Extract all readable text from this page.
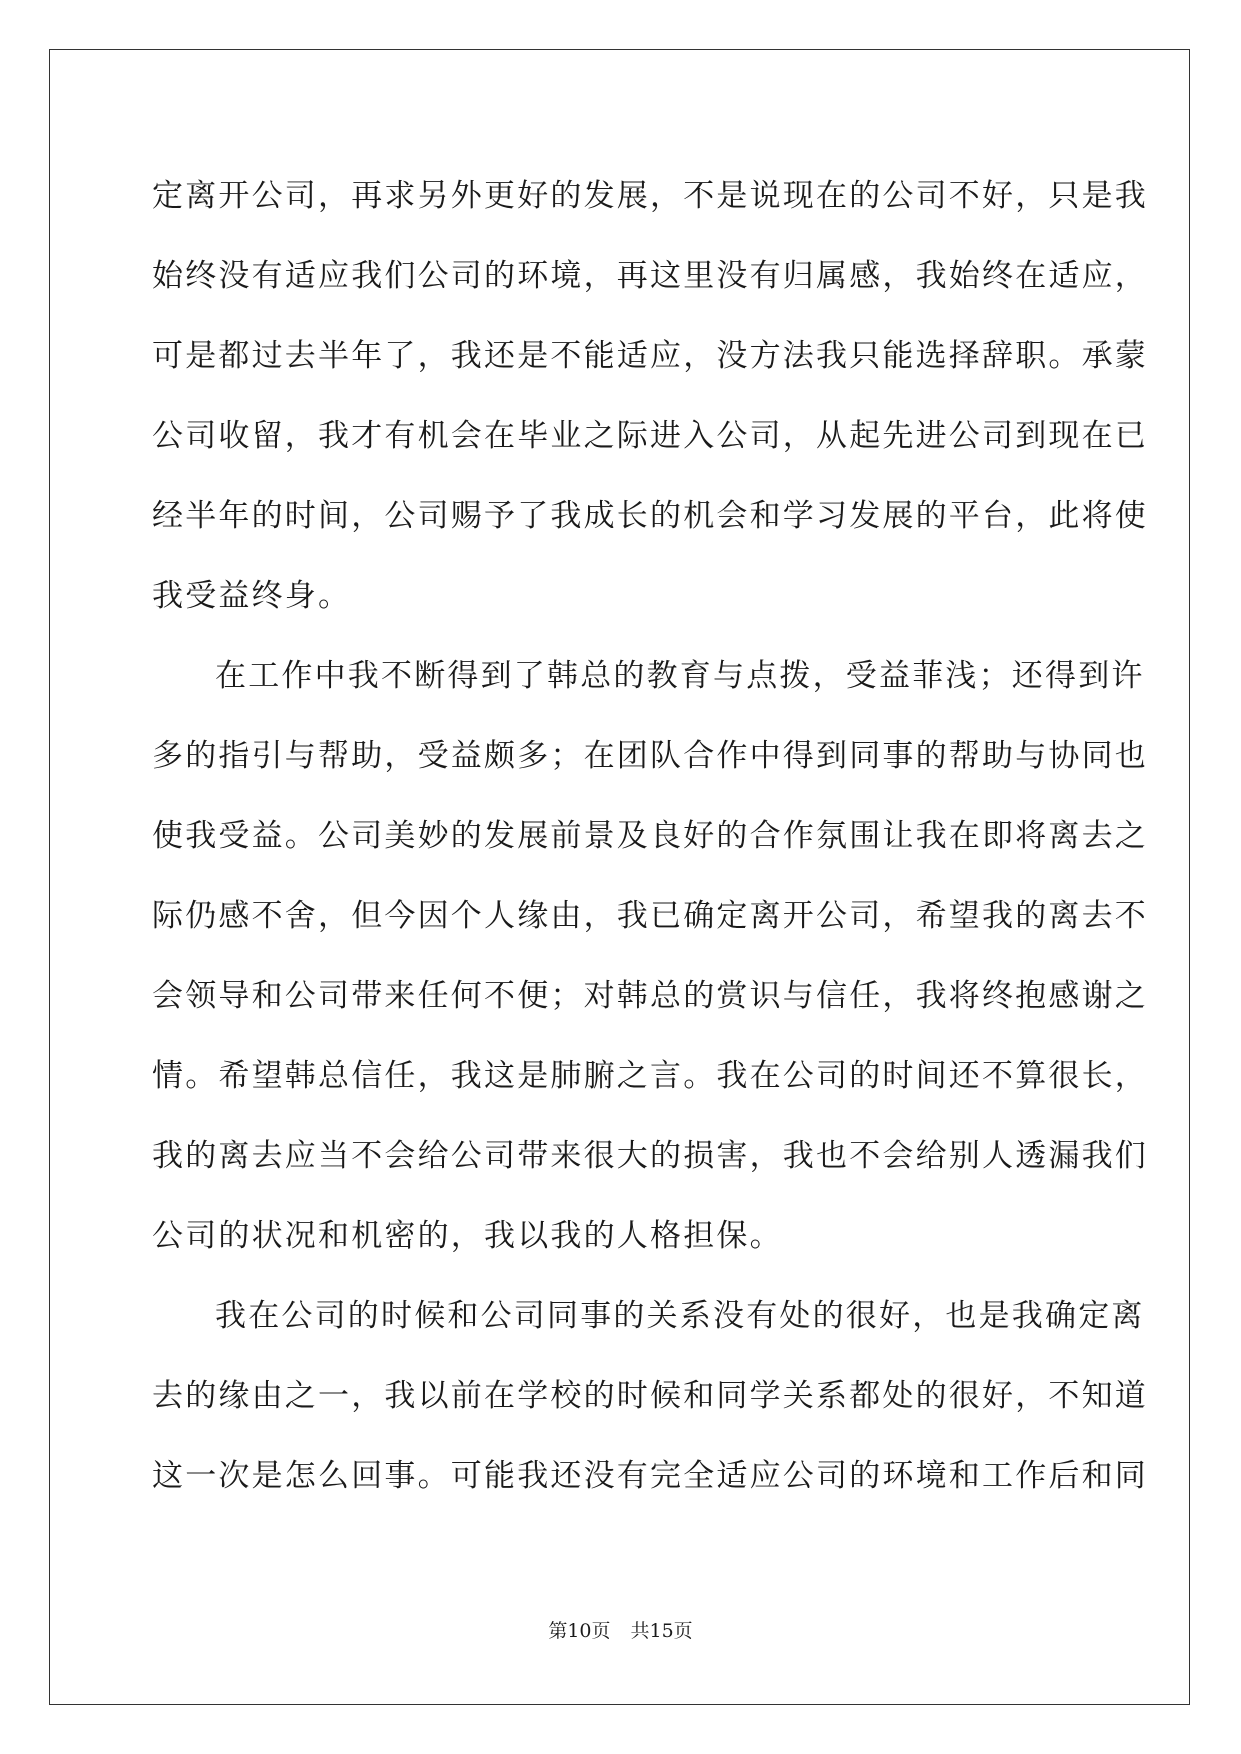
定离开公司，再求另外更好的发展，不是说现在的公司不好，只是我
始终没有适应我们公司的环境，再这里没有归属感，我始终在适应，
可是都过去半年了，我还是不能适应，没方法我只能选择辞职。承蒙
公司收留，我才有机会在毕业之际进入公司，从起先进公司到现在已
经半年的时间，公司赐予了我成长的机会和学习发展的平台，此将使
我受益终身。
在工作中我不断得到了韩总的教育与点拨，受益菲浅；还得到许
多的指引与帮助，受益颇多；在团队合作中得到同事的帮助与协同也
使我受益。公司美妙的发展前景及良好的合作氛围让我在即将离去之
际仍感不舍，但今因个人缘由，我已确定离开公司，希望我的离去不
会领导和公司带来任何不便；对韩总的赏识与信任，我将终抱感谢之
情。希望韩总信任，我这是肺腑之言。我在公司的时间还不算很长，
我的离去应当不会给公司带来很大的损害，我也不会给别人透漏我们
公司的状况和机密的，我以我的人格担保。
我在公司的时候和公司同事的关系没有处的很好，也是我确定离
去的缘由之一，我以前在学校的时候和同学关系都处的很好，不知道
这一次是怎么回事。可能我还没有完全适应公司的环境和工作后和同
第10页 共15页
